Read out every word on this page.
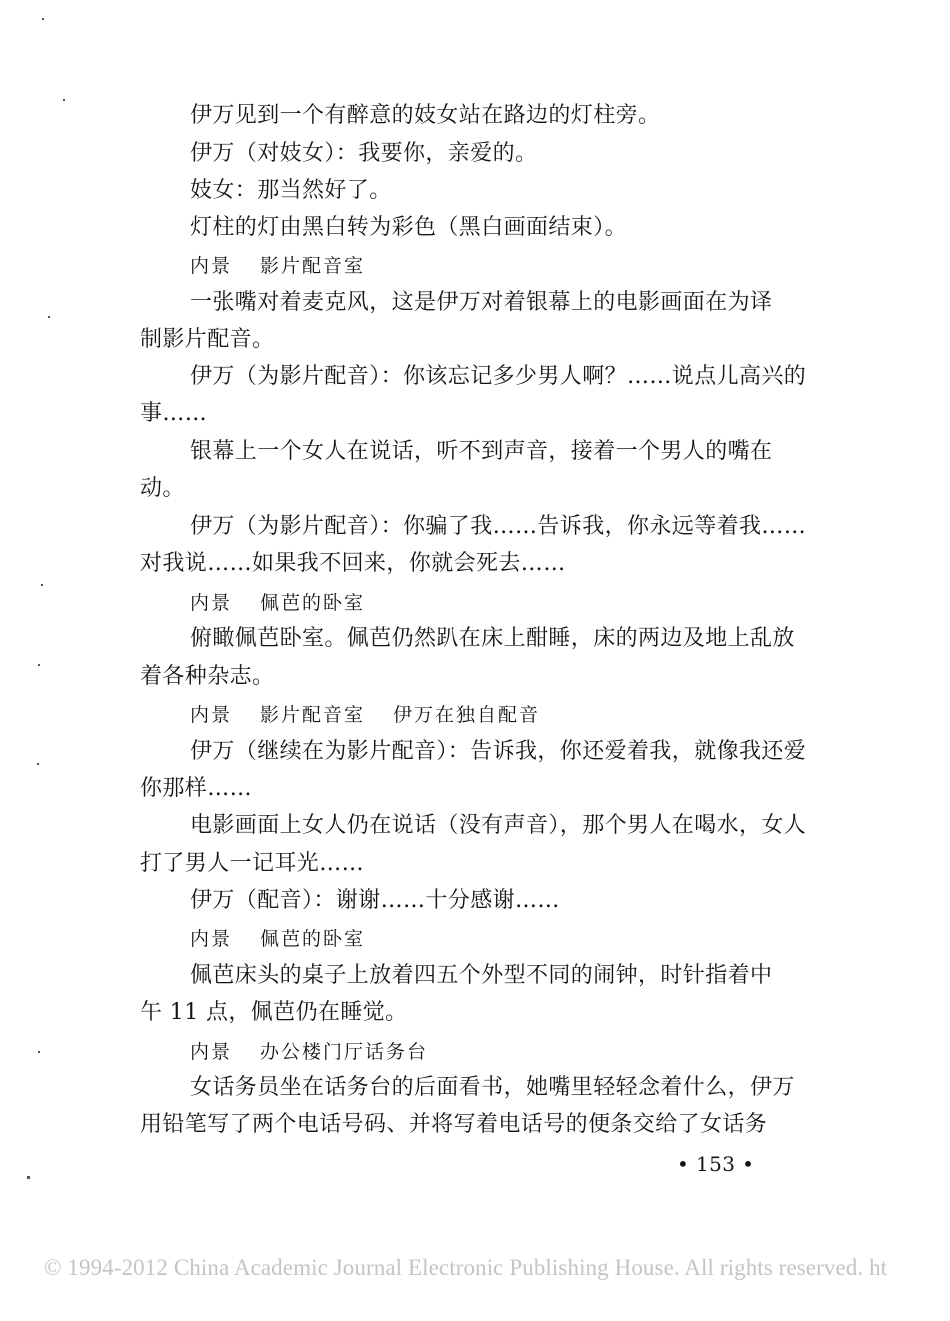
伊万见到一个有醉意的妓女站在路边的灯柱旁。

伊万（对妓女）：我要你，亲爱的。

妓女：那当然好了。

灯柱的灯由黑白转为彩色（黑白画面结束）。

内景 影片配音室

一张嘴对着麦克风，这是伊万对着银幕上的电影画面在为译

制影片配音。

伊万（为影片配音）：你该忘记多少男人啊？……说点儿高兴的

事……

银幕上一个女人在说话，听不到声音，接着一个男人的嘴在

动。

伊万（为影片配音）：你骗了我……告诉我，你永远等着我……

对我说……如果我不回来，你就会死去……

内景 佩芭的卧室

俯瞰佩芭卧室。佩芭仍然趴在床上酣睡，床的两边及地上乱放

着各种杂志。

内景 影片配音室 伊万在独自配音

伊万（继续在为影片配音）：告诉我，你还爱着我，就像我还爱

你那样……

电影画面上女人仍在说话（没有声音），那个男人在喝水，女人

打了男人一记耳光……

伊万（配音）：谢谢……十分感谢……

内景 佩芭的卧室

佩芭床头的桌子上放着四五个外型不同的闹钟，时针指着中

午 11 点，佩芭仍在睡觉。

内景 办公楼门厅话务台

女话务员坐在话务台的后面看书，她嘴里轻轻念着什么，伊万

用铅笔写了两个电话号码、并将写着电话号的便条交给了女话务

• 153 •

© 1994-2012 China Academic Journal Electronic Publishing House. All rights reserved. ht
